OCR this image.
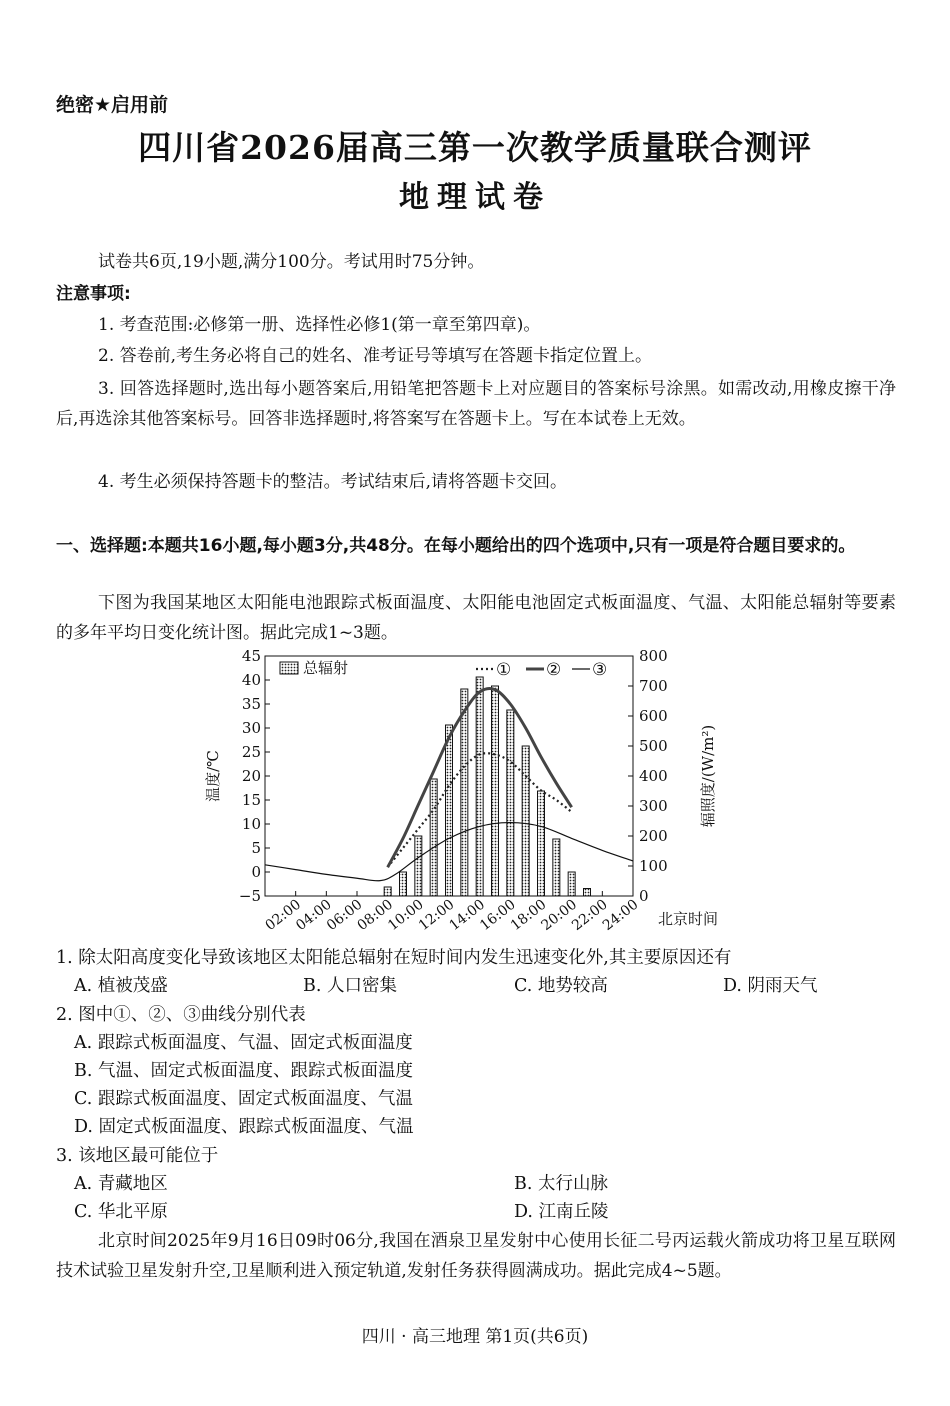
绝密★启用前
四川省2026届高三第一次教学质量联合测评
地理试卷
试卷共6页,19小题,满分100分。考试用时75分钟。
注意事项:
1. 考查范围:必修第一册、选择性必修1(第一章至第四章)。
2. 答卷前,考生务必将自己的姓名、准考证号等填写在答题卡指定位置上。
3. 回答选择题时,选出每小题答案后,用铅笔把答题卡上对应题目的答案标号涂黑。如需改动,用橡皮擦干净后,再选涂其他答案标号。回答非选择题时,将答案写在答题卡上。写在本试卷上无效。
4. 考生必须保持答题卡的整洁。考试结束后,请将答题卡交回。
一、选择题:本题共16小题,每小题3分,共48分。在每小题给出的四个选项中,只有一项是符合题目要求的。
下图为我国某地区太阳能电池跟踪式板面温度、太阳能电池固定式板面温度、气温、太阳能总辐射等要素的多年平均日变化统计图。据此完成1~3题。
45
40
35
30
25
20
15
10
5
0
−5
800
700
600
500
400
300
200
100
0
02:00
04:00
06:00
08:00
10:00
12:00
14:00
16:00
18:00
20:00
22:00
24:00
温度/℃	辐照度/(W/m²)
北京时间
总辐射	① ② ③
1. 除太阳高度变化导致该地区太阳能总辐射在短时间内发生迅速变化外,其主要原因还有
A. 植被茂盛	B. 人口密集	C. 地势较高	D. 阴雨天气
2. 图中①、②、③曲线分别代表
A. 跟踪式板面温度、气温、固定式板面温度
B. 气温、固定式板面温度、跟踪式板面温度
C. 跟踪式板面温度、固定式板面温度、气温
D. 固定式板面温度、跟踪式板面温度、气温
3. 该地区最可能位于
A. 青藏地区	B. 太行山脉
C. 华北平原	D. 江南丘陵
北京时间2025年9月16日09时06分,我国在酒泉卫星发射中心使用长征二号丙运载火箭成功将卫星互联网技术试验卫星发射升空,卫星顺利进入预定轨道,发射任务获得圆满成功。据此完成4~5题。
四川 · 高三地理 第1页(共6页)
